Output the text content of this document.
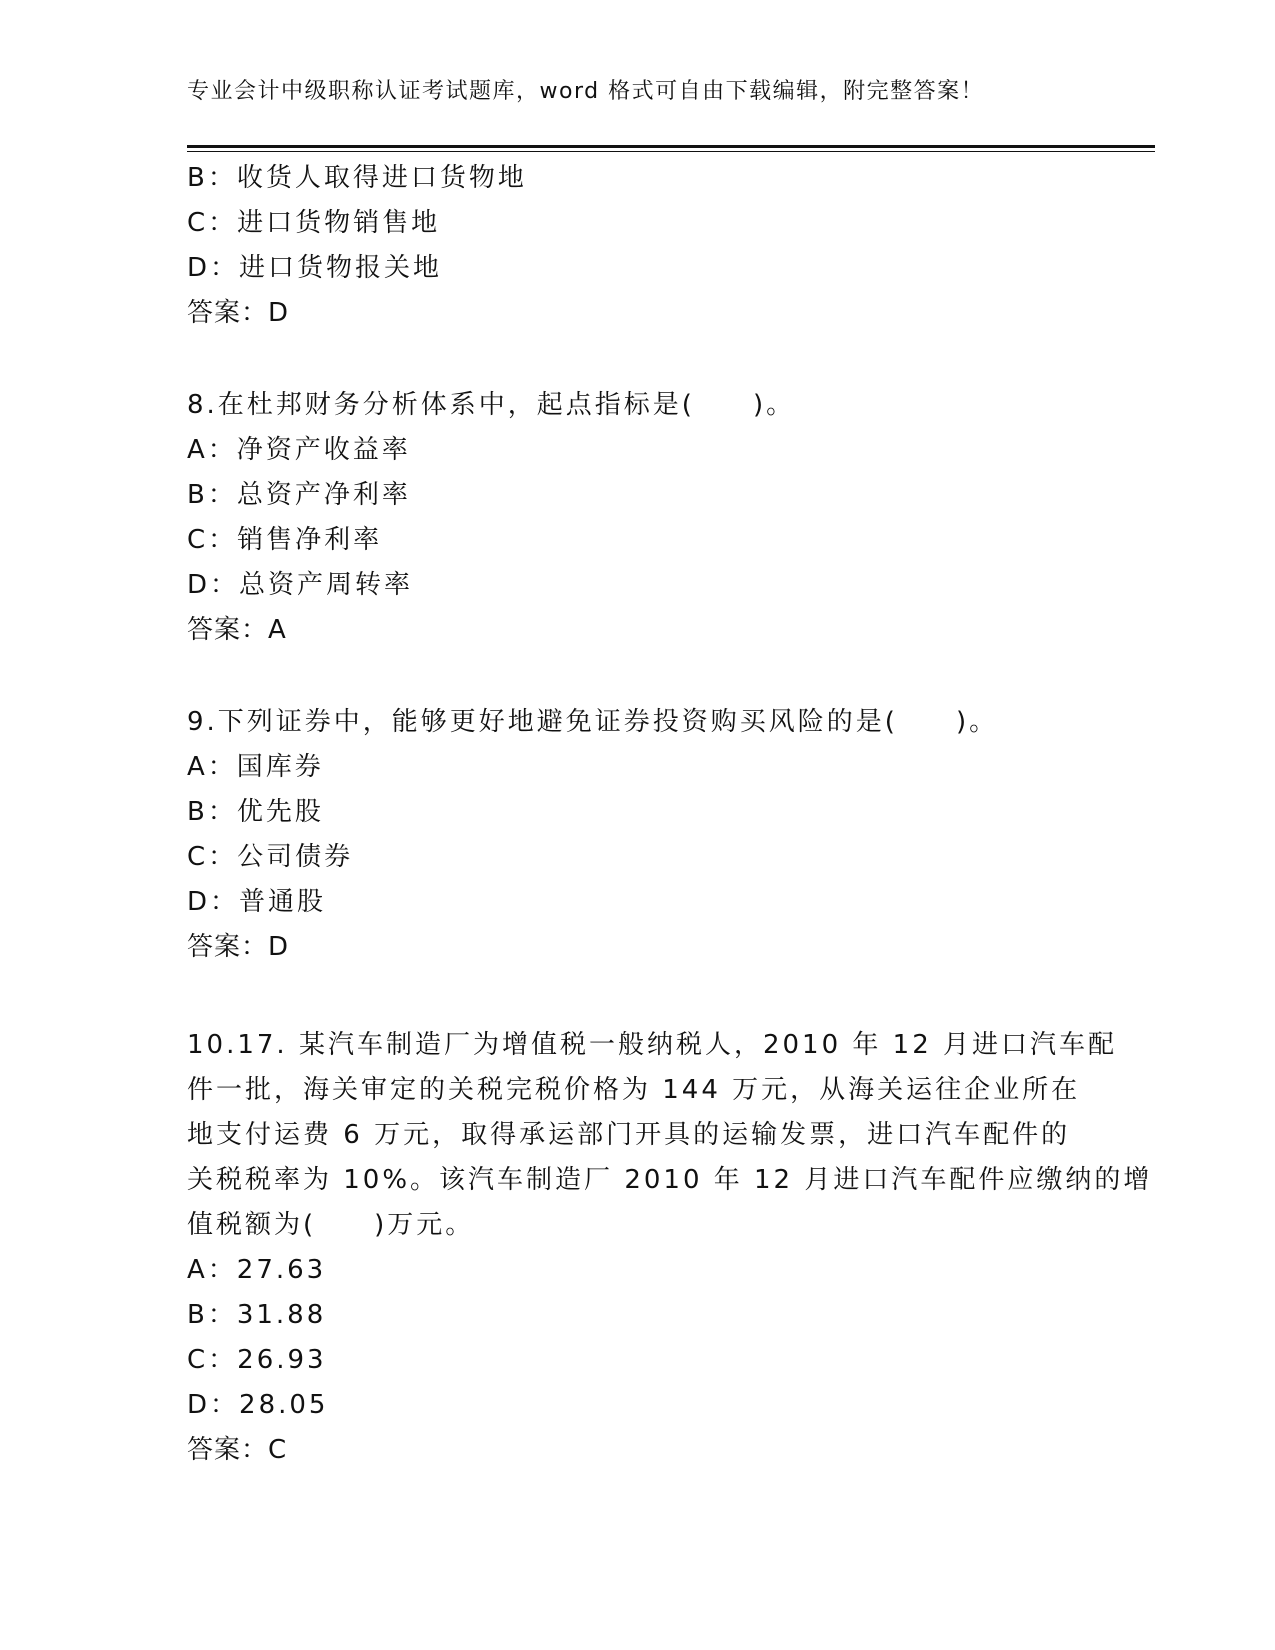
专业会计中级职称认证考试题库，word 格式可自由下载编辑，附完整答案！
B：收货人取得进口货物地
C：进口货物销售地
D：进口货物报关地
答案：D
8.在杜邦财务分析体系中，起点指标是(　　)。
A：净资产收益率
B：总资产净利率
C：销售净利率
D：总资产周转率
答案：A
9.下列证券中，能够更好地避免证券投资购买风险的是(　　)。
A：国库券
B：优先股
C：公司债券
D：普通股
答案：D
10.17. 某汽车制造厂为增值税一般纳税人，2010 年 12 月进口汽车配
件一批，海关审定的关税完税价格为 144 万元，从海关运往企业所在
地支付运费 6 万元，取得承运部门开具的运输发票，进口汽车配件的
关税税率为 10%。该汽车制造厂 2010 年 12 月进口汽车配件应缴纳的增
值税额为(　　)万元。
A：27.63
B：31.88
C：26.93
D：28.05
答案：C
